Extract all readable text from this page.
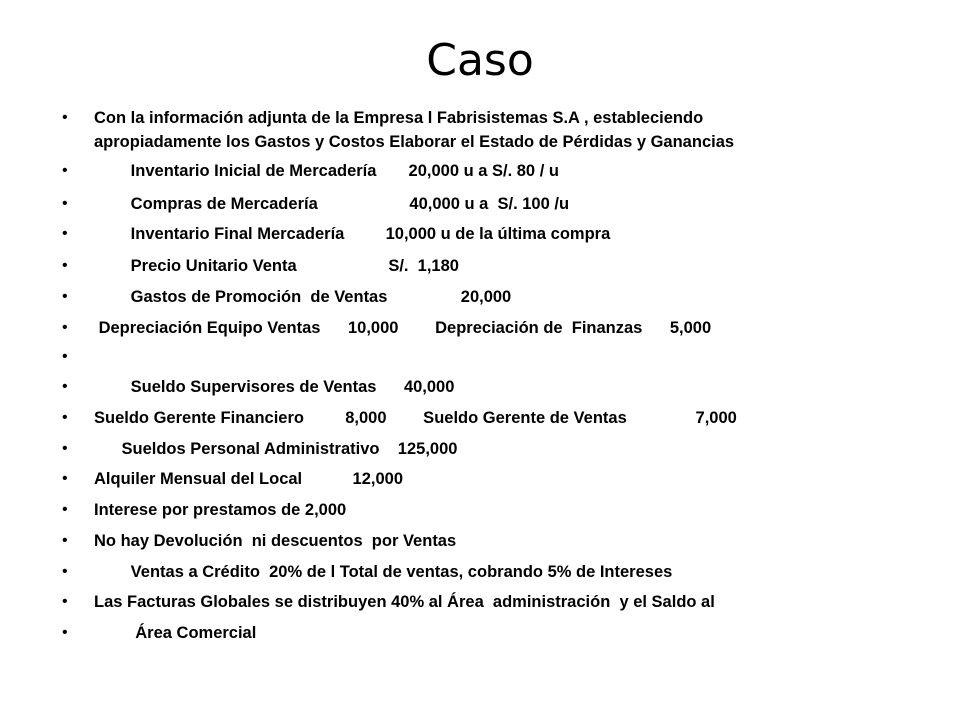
Caso

•

Con la información adjunta de la Empresa l Fabrisistemas S.A , estableciendo
apropiadamente los Gastos y Costos Elaborar el Estado de Pérdidas y Ganancias

•

Inventario Inicial de Mercadería       20,000 u a S/. 80 / u

•

Compras de Mercadería                    40,000 u a  S/. 100 /u

•

Inventario Final Mercadería         10,000 u de la última compra

•

Precio Unitario Venta                    S/.  1,180

•

Gastos de Promoción  de Ventas                20,000

•

Depreciación Equipo Ventas      10,000        Depreciación de  Finanzas      5,000

•

•

Sueldo Supervisores de Ventas      40,000

•

Sueldo Gerente Financiero         8,000        Sueldo Gerente de Ventas               7,000

•

Sueldos Personal Administrativo    125,000

•

Alquiler Mensual del Local           12,000

•

Interese por prestamos de 2,000

•

No hay Devolución  ni descuentos  por Ventas

•

Ventas a Crédito  20% de l Total de ventas, cobrando 5% de Intereses

•

Las Facturas Globales se distribuyen 40% al Área  administración  y el Saldo al

•

Área Comercial
